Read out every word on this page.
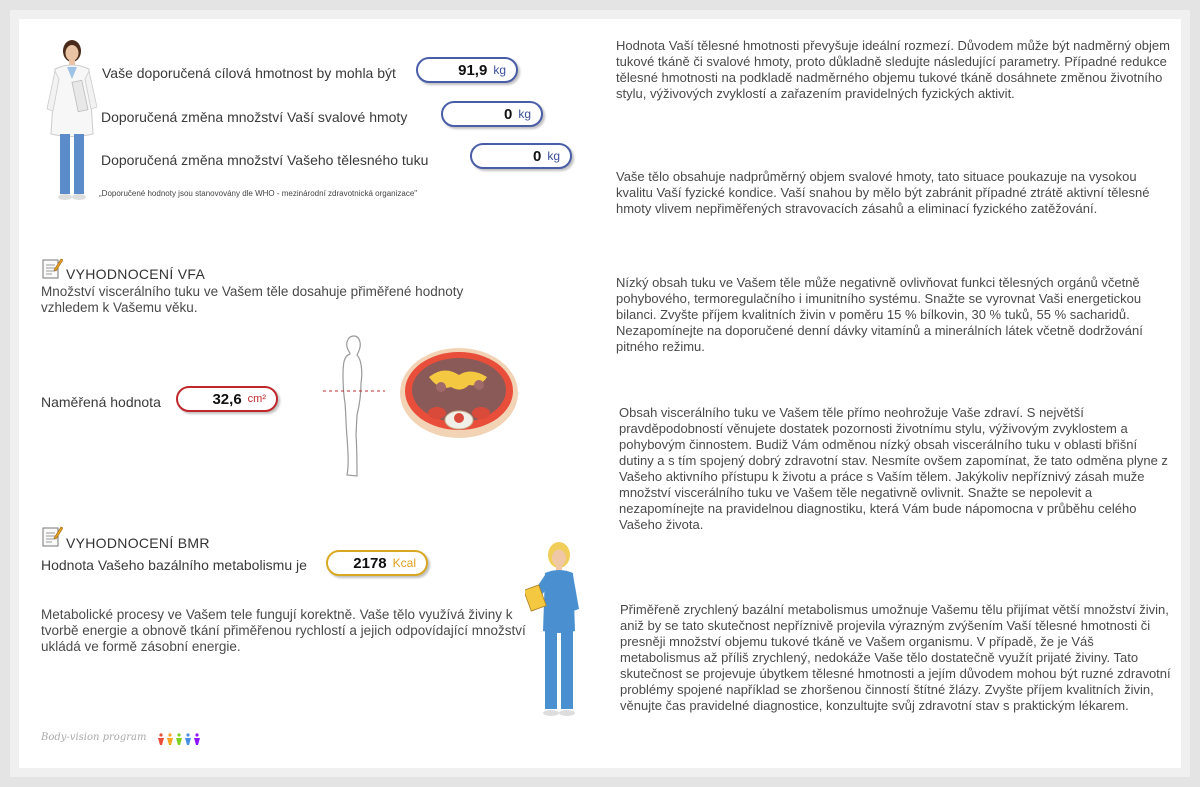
Vaše doporučená cílová hmotnost by mohla být	91,9 kg
Doporučená změna množství Vaší svalové hmoty	0 kg
Doporučená změna množství Vašeho tělesného tuku	0 kg
„Doporučené hodnoty jsou stanovovány dle WHO - mezinárodní zdravotnická organizace"
VYHODNOCENÍ VFA
Množství viscerálního tuku ve Vašem těle dosahuje přiměřené hodnoty vzhledem k Vašemu věku.
Naměřená hodnota	32,6 cm²
VYHODNOCENÍ BMR
Hodnota Vašeho bazálního metabolismu je	2178 Kcal
Metabolické procesy ve Vašem tele fungují korektně. Vaše tělo využívá živiny k tvorbě energie a obnově tkání přiměřenou rychlostí a jejich odpovídající množství ukládá ve formě zásobní energie.
Hodnota Vaší tělesné hmotnosti převyšuje ideální rozmezí. Důvodem může být nadměrný objem tukové tkáně či svalové hmoty, proto důkladně sledujte následující parametry. Případné redukce tělesné hmotnosti na podkladě nadměrného objemu tukové tkáně dosáhnete změnou životního stylu, výživových zvyklostí a zařazením pravidelných fyzických aktivit.
Vaše tělo obsahuje nadprůměrný objem svalové hmoty, tato situace poukazuje na vysokou kvalitu Vaší fyzické kondice. Vaší snahou by mělo být zabránit případné ztrátě aktivní tělesné hmoty vlivem nepřiměřených stravovacích zásahů a eliminací fyzického zatěžování.
Nízký obsah tuku ve Vašem těle může negativně ovlivňovat funkci tělesných orgánů včetně pohybového, termoregulačního i imunitního systému. Snažte se vyrovnat Vaši energetickou bilanci. Zvyšte příjem kvalitních živin v poměru 15 % bílkovin, 30 % tuků, 55 % sacharidů. Nezapomínejte na doporučené denní dávky vitamínů a minerálních látek včetně dodržování pitného režimu.
Obsah viscerálního tuku ve Vašem těle přímo neohrožuje Vaše zdraví. S největší pravděpodobností věnujete dostatek pozornosti životnímu stylu, výživovým zvyklostem a pohybovým činnostem. Budiž Vám odměnou nízký obsah viscerálního tuku v oblasti břišní dutiny a s tím spojený dobrý zdravotní stav. Nesmíte ovšem zapomínat, že tato odměna plyne z Vašeho aktivního přístupu k životu a práce s Vaším tělem. Jakýkoliv nepříznivý zásah muže množství viscerálního tuku ve Vašem těle negativně ovlivnit. Snažte se nepolevit a nezapomínejte na pravidelnou diagnostiku, která Vám bude nápomocna v průběhu celého Vašeho života.
Přiměřeně zrychlený bazální metabolismus umožnuje Vašemu tělu přijímat větší množství živin, aniž by se tato skutečnost nepříznivě projevila výrazným zvýšením Vaší tělesné hmotnosti či presněji množství objemu tukové tkáně ve Vašem organismu. V případě, že je Váš metabolismus až příliš zrychlený, nedokáže Vaše tělo dostatečně využít prijaté živiny. Tato skutečnost se projevuje úbytkem tělesné hmotnosti a jejím důvodem mohou být ruzné zdravotní problémy spojené například se zhoršenou činností štítné žlázy. Zvyšte příjem kvalitních živin, věnujte čas pravidelné diagnostice, konzultujte svůj zdravotní stav s praktickým lékarem.
Body-vision program
